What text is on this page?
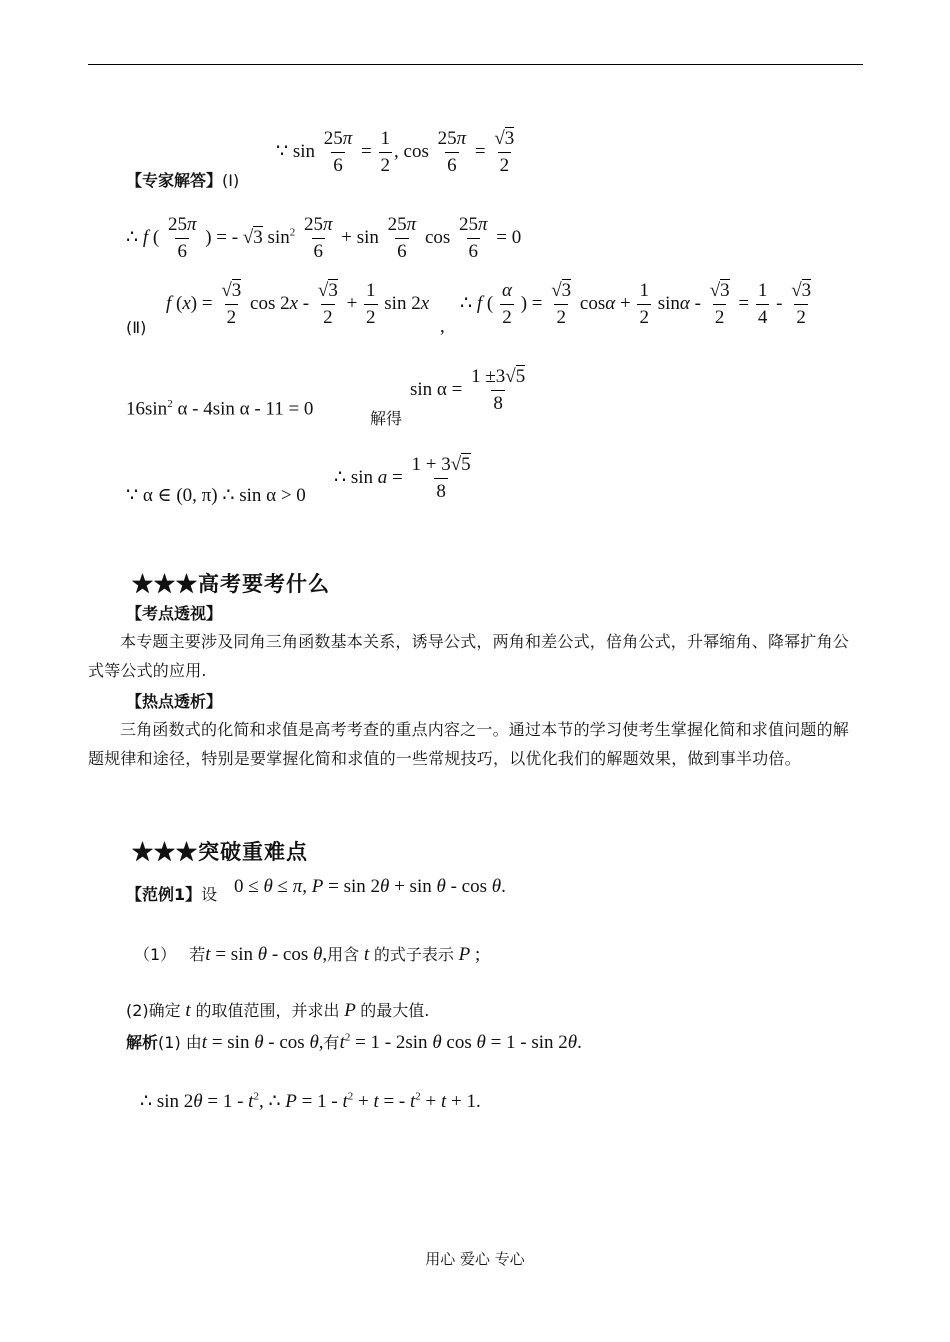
【专家解答】(Ⅰ)
∵ $\sin \frac{25\pi}{6} = \frac{1}{2}$ , $\cos \frac{25\pi}{6} = \frac{√3}{2}$
∴ f ( $\frac{25\pi}{6}$ ) = - √3 $\sin^2 \frac{25\pi}{6} + \sin \frac{25\pi}{6}$ $\cos \frac{25\pi}{6} = 0$
(Ⅱ)
f $(x) = \frac{√3}{2}$ $\cos 2x - \frac{√3}{2} + \frac{1}{2}$ sin 2x
,
∴ f ( $\frac{\alpha}{2}$ ) = $\frac{√3}{2}$ $\cos\alpha + \frac{1}{2}$ $\sin\alpha - \frac{√3}{2} = \frac{1}{4} - \frac{√3}{2}$
$16\sin^2$ α - 4sin α - 11 = 0	解得
$\sin \alpha = \frac{1 \pm 3√5}{8}$
∵ α ∈ (0, π) ∴ sin α > 0
∴ $\sin a = \frac{1 + 3√5}{8}$
★★★高考要考什么
【考点透视】
本专题主要涉及同角三角函数基本关系，诱导公式，两角和差公式，倍角公式，升幂缩角、降幂扩角公式等公式的应用.
【热点透析】
三角函数式的化简和求值是高考考查的重点内容之一。通过本节的学习使考生掌握化简和求值问题的解题规律和途径，特别是要掌握化简和求值的一些常规技巧，以优化我们的解题效果，做到事半功倍。
★★★突破重难点
【范例1】设 0 ≤ θ ≤ π, P = sin 2θ + sin θ - cos θ.
（1） 若t = sin θ - cos θ,用含 t 的式子表示 P ;
(2)确定 t 的取值范围，并求出 P 的最大值.
解析(1) 由t = sin θ - cos θ,有$t^2 = 1 - 2\sin$ θ cos θ = 1 - sin 2θ.
∴ $\sin 2\theta = 1 - t^2$, ∴ $P = 1 - t^2 + t$ = - $t^2 + t + 1$.
用心 爱心 专心
